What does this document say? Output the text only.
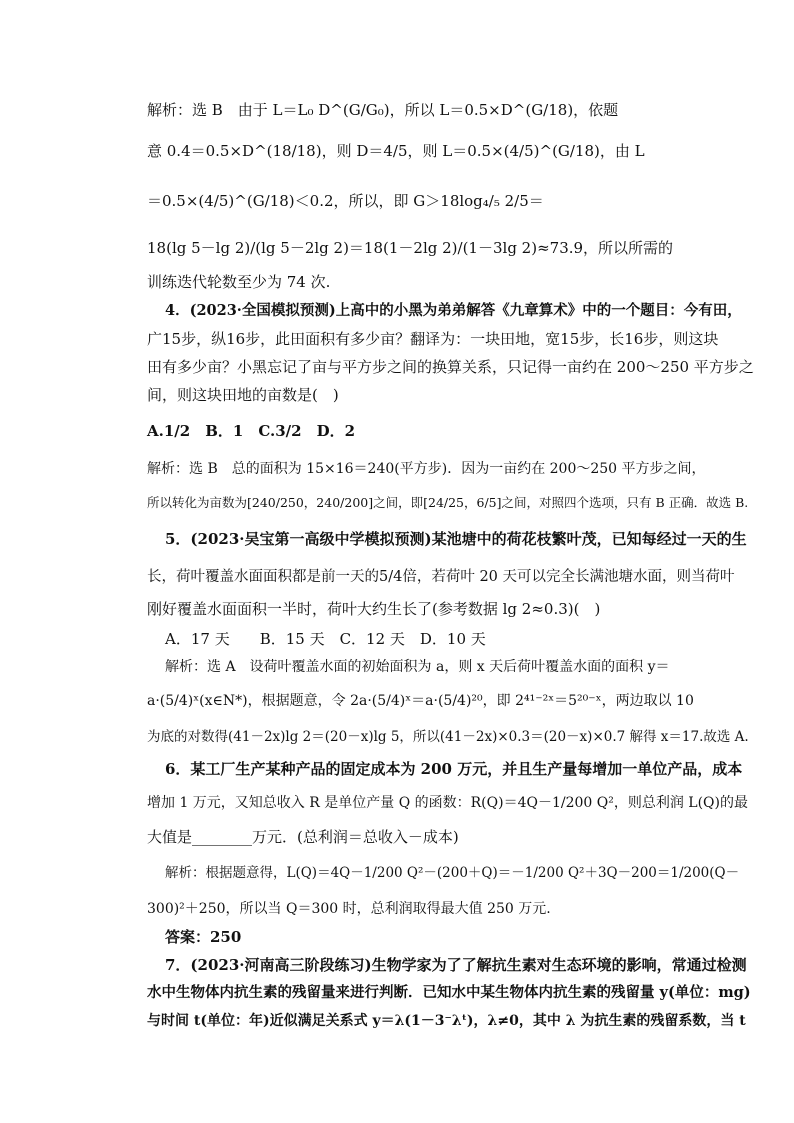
解析：选 B　由于 L＝L₀ D^(G/G₀)，所以 L＝0.5×D^(G/18)，依题
意 0.4＝0.5×D^(18/18)，则 D＝4/5，则 L＝0.5×(4/5)^(G/18)，由 L
＝0.5×(4/5)^(G/18)＜0.2，所以，即 G＞18log₄/₅ 2/5＝
18(lg 5－lg 2)/(lg 5－2lg 2)＝18(1－2lg 2)/(1－3lg 2)≈73.9，所以所需的
训练迭代轮数至少为 74 次.
4．(2023·全国模拟预测)上高中的小黑为弟弟解答《九章算术》中的一个题目：今有田，
广15步，纵16步，此田面积有多少亩？翻译为：一块田地，宽15步，长16步，则这块
田有多少亩？小黑忘记了亩与平方步之间的换算关系，只记得一亩约在 200～250 平方步之
间，则这块田地的亩数是(　)
A.1/2　B．1　C.3/2　D．2
解析：选 B　总的面积为 15×16＝240(平方步)．因为一亩约在 200～250 平方步之间，
所以转化为亩数为[240/250，240/200]之间，即[24/25，6/5]之间，对照四个选项，只有 B 正确．故选 B.
5．(2023·吴宝第一高级中学模拟预测)某池塘中的荷花枝繁叶茂，已知每经过一天的生
长，荷叶覆盖水面面积都是前一天的5/4倍，若荷叶 20 天可以完全长满池塘水面，则当荷叶
刚好覆盖水面面积一半时，荷叶大约生长了(参考数据 lg 2≈0.3)(　)
A．17 天　　B．15 天　C．12 天　D．10 天
解析：选 A　设荷叶覆盖水面的初始面积为 a，则 x 天后荷叶覆盖水面的面积 y＝
a·(5/4)ˣ(x∈N*)，根据题意，令 2a·(5/4)ˣ＝a·(5/4)²⁰，即 2⁴¹⁻²ˣ＝5²⁰⁻ˣ，两边取以 10
为底的对数得(41－2x)lg 2＝(20－x)lg 5，所以(41－2x)×0.3＝(20－x)×0.7 解得 x＝17.故选 A.
6．某工厂生产某种产品的固定成本为 200 万元，并且生产量每增加一单位产品，成本
增加 1 万元，又知总收入 R 是单位产量 Q 的函数：R(Q)＝4Q－1/200 Q²，则总利润 L(Q)的最
大值是________万元．(总利润＝总收入－成本)
解析：根据题意得，L(Q)＝4Q－1/200 Q²－(200＋Q)＝－1/200 Q²＋3Q－200＝1/200(Q－
300)²＋250，所以当 Q＝300 时，总利润取得最大值 250 万元.
答案：250
7．(2023·河南高三阶段练习)生物学家为了了解抗生素对生态环境的影响，常通过检测
水中生物体内抗生素的残留量来进行判断．已知水中某生物体内抗生素的残留量 y(单位：mg)
与时间 t(单位：年)近似满足关系式 y＝λ(1－3⁻λᵗ)，λ≠0，其中 λ 为抗生素的残留系数，当 t
